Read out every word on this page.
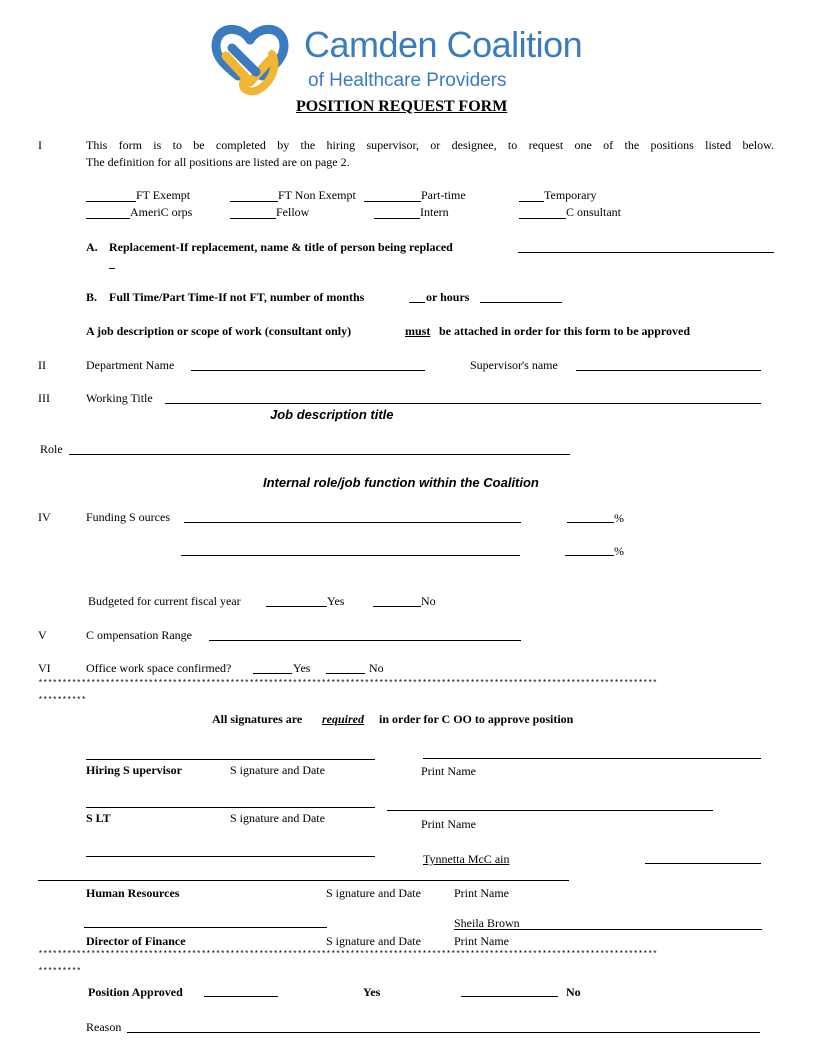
Camden Coalition
of Healthcare Providers
POSITION REQUEST FORM
I	This form is to be completed by the hiring supervisor, or designee, to request one of the positions listed below.
The definition for all positions are listed are on page 2.
FT Exempt	FT Non Exempt	Part-time	Temporary
AmeriC orps	Fellow	Intern	C onsultant
A. Replacement-If replacement, name & title of person being replaced
B. Full Time/Part Time-If not FT, number of months	or hours
A job description or scope of work (consultant only)	must be attached in order for this form to be approved
II	Department Name	Supervisor's name
III	Working Title
Job description title
Role
Internal role/job function within the Coalition
IV	Funding S ources	%
%
Budgeted for current fiscal year	Yes	No
V	C ompensation Range
VI	Office work space confirmed?	Yes	No
*********************************************************************************************************************************
**********
All signatures are required in order for C OO to approve position
Hiring S upervisor	S ignature and Date	Print Name
S LT	S ignature and Date	Print Name
Tynnetta McC ain
Human Resources	S ignature and Date	Print Name
Sheila Brown
Director of Finance	S ignature and Date	Print Name
*********************************************************************************************************************************
*********
Position Approved	Yes	No
Reason
